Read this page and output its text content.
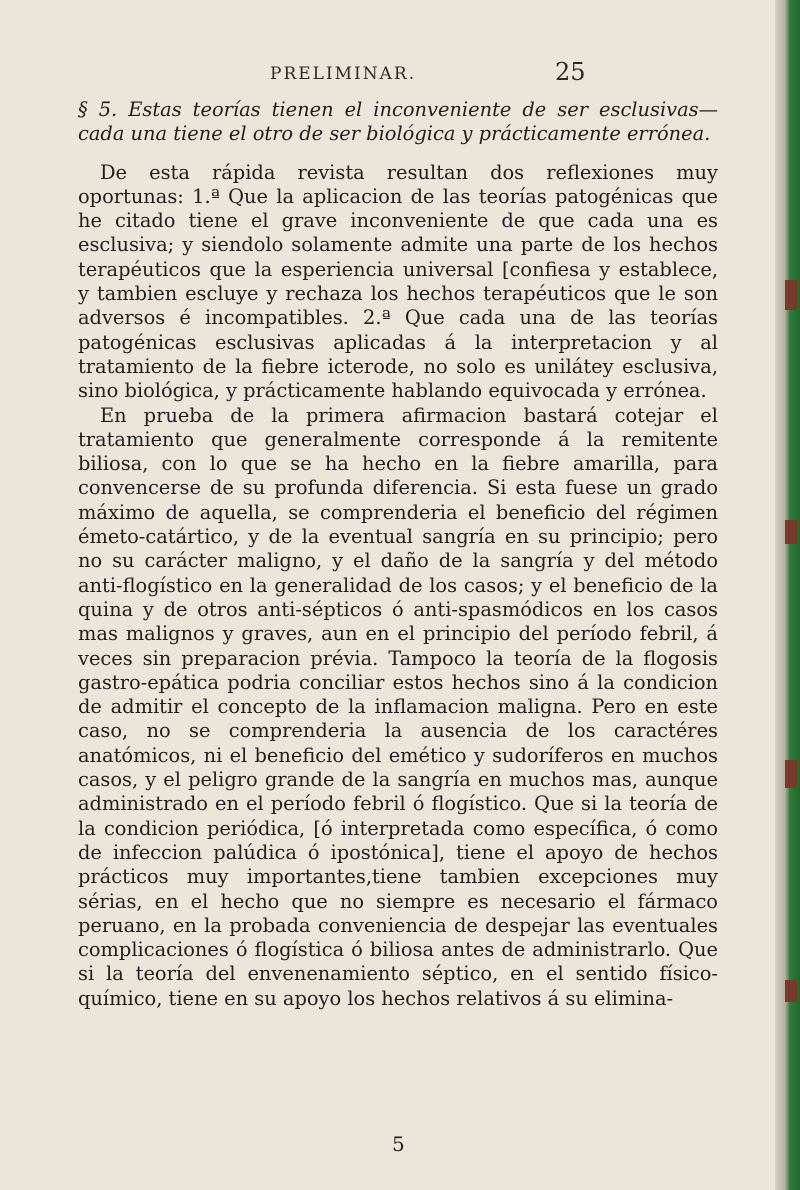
PRELIMINAR.	25

§ 5. Estas teorías tienen el inconveniente de ser esclusivas— cada una tiene el otro de ser biológica y prácticamente errónea.

De esta rápida revista resultan dos reflexiones muy oportunas: 1.ª Que la aplicacion de las teorías patogénicas que he citado tiene el grave inconveniente de que cada una es esclusiva; y siendolo solamente admite una parte de los hechos terapéuticos que la esperiencia universal [confiesa y establece, y tambien escluye y rechaza los hechos terapéuticos que le son adversos é incompatibles. 2.ª Que cada una de las teorías patogénicas esclusivas aplicadas á la interpretacion y al tratamiento de la fiebre icterode, no solo es unilátey esclusiva, sino biológica, y prácticamente hablando equivocada y errónea.

En prueba de la primera afirmacion bastará cotejar el tratamiento que generalmente corresponde á la remitente biliosa, con lo que se ha hecho en la fiebre amarilla, para convencerse de su profunda diferencia. Si esta fuese un grado máximo de aquella, se comprenderia el beneficio del régimen émeto-catártico, y de la eventual sangría en su principio; pero no su carácter maligno, y el daño de la sangría y del método anti-flogístico en la generalidad de los casos; y el beneficio de la quina y de otros anti-sépticos ó anti-spasmódicos en los casos mas malignos y graves, aun en el principio del período febril, á veces sin preparacion prévia. Tampoco la teoría de la flogosis gastro-epática podria conciliar estos hechos sino á la condicion de admitir el concepto de la inflamacion maligna. Pero en este caso, no se comprenderia la ausencia de los caractéres anatómicos, ni el beneficio del emético y sudoríferos en muchos casos, y el peligro grande de la sangría en muchos mas, aunque administrado en el período febril ó flogístico. Que si la teoría de la condicion periódica, [ó interpretada como específica, ó como de infeccion palúdica ó ipostónica], tiene el apoyo de hechos prácticos muy importantes,tiene tambien excepciones muy sérias, en el hecho que no siempre es necesario el fármaco peruano, en la probada conveniencia de despejar las eventuales complicaciones ó flogística ó biliosa antes de administrarlo. Que si la teoría del envenenamiento séptico, en el sentido físico-químico, tiene en su apoyo los hechos relativos á su elimina-

5
